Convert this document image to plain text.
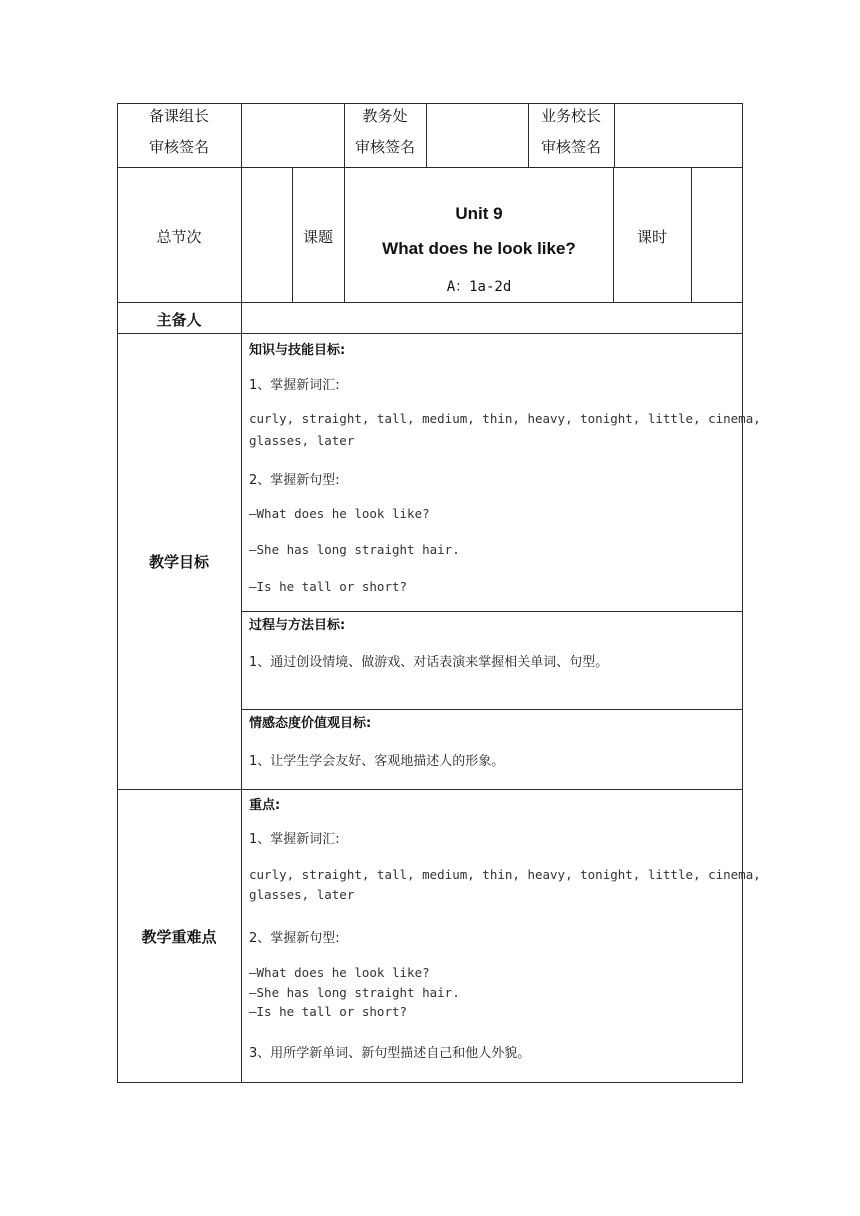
备课组长
审核签名
教务处
审核签名
业务校长
审核签名
总节次	课题
Unit 9
What does he look like?
A：1a-2d
课时
主备人
教学目标
知识与技能目标:
1、掌握新词汇:
curly, straight, tall, medium, thin, heavy, tonight, little, cinema,
glasses, later
2、掌握新句型:
—What does he look like?
—She has long straight hair.
—Is he tall or short?
过程与方法目标:
1、通过创设情境、做游戏、对话表演来掌握相关单词、句型。
情感态度价值观目标:
1、让学生学会友好、客观地描述人的形象。
教学重难点
重点:
1、掌握新词汇:
curly, straight, tall, medium, thin, heavy, tonight, little, cinema,
glasses, later
2、掌握新句型:
—What does he look like?
—She has long straight hair.
—Is he tall or short?
3、用所学新单词、新句型描述自己和他人外貌。
